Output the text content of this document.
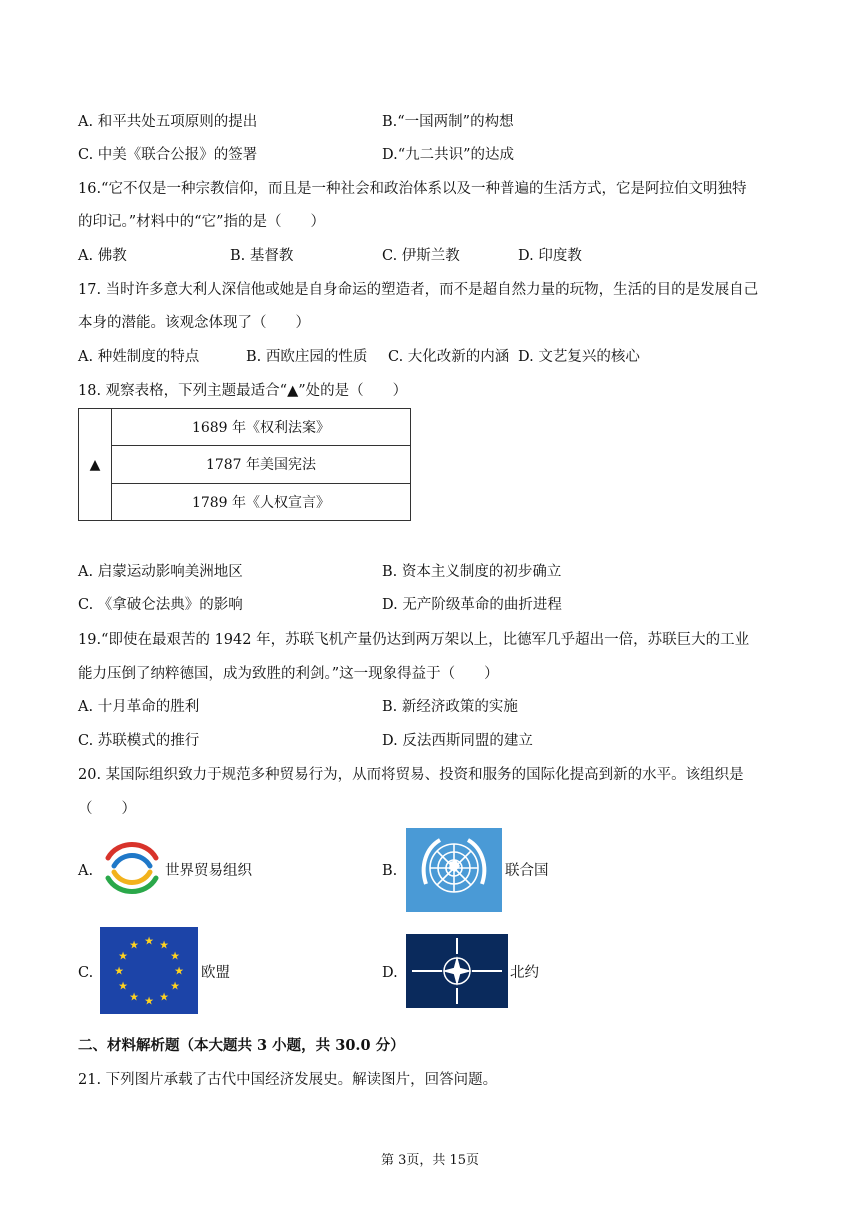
A. 和平共处五项原则的提出	B.“一国两制”的构想
C. 中美《联合公报》的签署	D.“九二共识”的达成
16.“它不仅是一种宗教信仰，而且是一种社会和政治体系以及一种普遍的生活方式，它是阿拉伯文明独特
的印记。”材料中的“它”指的是（　　）
A. 佛教	B. 基督教	C. 伊斯兰教	D. 印度教
17. 当时许多意大利人深信他或她是自身命运的塑造者，而不是超自然力量的玩物，生活的目的是发展自己
本身的潜能。该观念体现了（　　）
A. 种姓制度的特点	B. 西欧庄园的性质 C. 大化改新的内涵 D. 文艺复兴的核心
18. 观察表格，下列主题最适合“▲”处的是（　　）
▲	1689 年《权利法案》
1787 年美国宪法
1789 年《人权宣言》
A. 启蒙运动影响美洲地区	B. 资本主义制度的初步确立
C. 《拿破仑法典》的影响	D. 无产阶级革命的曲折进程
19.“即使在最艰苦的 1942 年，苏联飞机产量仍达到两万架以上，比德军几乎超出一倍，苏联巨大的工业
能力压倒了纳粹德国，成为致胜的利剑。”这一现象得益于（　　）
A. 十月革命的胜利	B. 新经济政策的实施
C. 苏联模式的推行	D. 反法西斯同盟的建立
20. 某国际组织致力于规范多种贸易行为，从而将贸易、投资和服务的国际化提高到新的水平。该组织是
（　　）
A.	世界贸易组织	B.	联合国
C.
★ ★
★
★
★
★
★
★
★
★
★
★
欧盟	D.	北约
二、材料解析题（本大题共 3 小题，共 30.0 分）
21. 下列图片承载了古代中国经济发展史。解读图片，回答问题。
第 3页，共 15页
